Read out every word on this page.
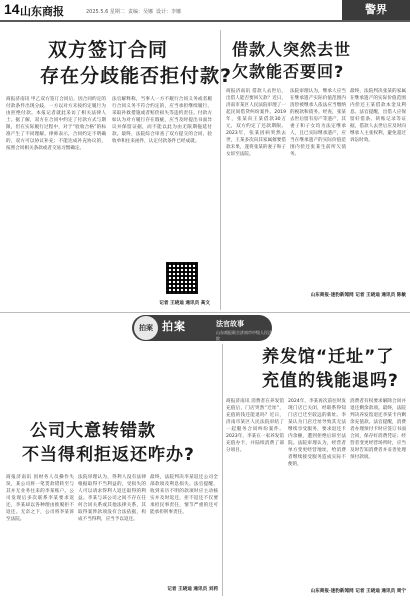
14 山东商报	2025.5.6 星期二 责编：吴娜 设计：李娜	警界
双方签订合同
存在分歧能否拒付款?

商报济南讯 甲乙双方签订合同后，因合同约定的付款条件出现分歧，一方以对方未按约定履行为由拒绝付款。本报记者就此采访了相关法律人士。据了解，双方在合同中约定了付款方式与期限，但在实际履行过程中，对于“验收合格”的标准产生了不同理解。律师表示，合同约定不明确的，双方可以协议补充；不能达成补充协议的，按照合同相关条款或者交易习惯确定。

法官解释称，当事人一方不履行合同义务或者履行合同义务不符合约定的，应当承担继续履行、采取补救措施或者赔偿损失等违约责任。付款方如认为对方履行存在瑕疵，应当及时提出书面异议并保留证据，而不能以此为由无限期拖延付款。最终，法院综合审查了双方提交的合同、验收单和往来函件，认定付款条件已经成就。

记者 王晓迪 通讯员 高文
借款人突然去世
欠款能否要回?

商报济南讯 借款人去世后，出借人能否要回欠款？近日，济南市某区人民法院审理了一起民间借贷纠纷案件。2019年，张某向王某借款30万元，双方约定了还款期限。2023年，张某因病突然去世，王某多次向其家属催要借款未果，遂将张某的妻子和子女诉至法院。

法院审理认为，继承人应当在继承遗产实际价值范围内清偿被继承人依法应当缴纳的税款和债务。经查，张某去世后留有房产等遗产，其妻子和子女均为法定继承人，且已实际继承遗产，应当在继承遗产的实际价值范围内偿还张某生前所欠债务。

最终，法院判决张某的家属在继承遗产的实际价值范围内偿还王某借款本金及利息。法官提醒，出借人应保留好借条、转账记录等证据，借款人去世后应及时向继承人主张权利，避免超过诉讼时效。

山东商报·速豹新闻网 记者 王晓迪 通讯员 陈敏
拍案 拍案	法官故事
山东商报联合济南市中级人民法院
养发馆“迁址”了
充值的钱能退吗?

商报济南讯 消费者在养发馆充值后，门店突然“迁址”，充值的钱还能退吗？近日，济南市某区人民法院审结了一起服务合同纠纷案件。2023年，李某在一家养发馆充值办卡，并陆续消费了部分项目。

2024年，李某再次前往时发现门店已关闭，经联系得知门店已迁至较远的新址。李某认为门店迁址导致其无法继续享受服务，要求退还卡内余额，遭到拒绝后诉至法院。法院审理认为，经营者单方变更经营地址，给消费者继续接受服务造成实际不便的，

消费者有权要求解除合同并退还剩余款项。最终，法院判决养发馆退还李某卡内剩余充值款。法官提醒，消费者办理预付卡时应签订书面合同，保存好消费凭证；经营者变更经营场所时，应当及时告知消费者并妥善处理预付款项。

山东商报·速豹新闻网 记者 王晓迪 通讯员 周宁
公司大意转错款
不当得利拒返还咋办?

商报济南讯 因财务人员操作失误，某公司将一笔货款错转至与其并无业务往来的李某账户。公司发现后多次联系李某要求返还，李某却以各种理由推脱拒不返还。无奈之下，公司将李某诉至法院。

法院审理认为，得利人没有法律根据取得不当利益的，受损失的人可以请求得利人返还取得的利益。李某与该公司之间不存在任何合同关系或其他法律关系，其取得案涉款项没有合法依据，构成不当得利，应当予以返还。

最终，法院判决李某返还公司全部款项及利息损失。法官提醒，收到来历不明的款项时应主动核实并及时返还，拒不返还不仅要承担民事责任，情节严重的还可能承担刑事责任。

记者 王晓迪 通讯员 刘莉
